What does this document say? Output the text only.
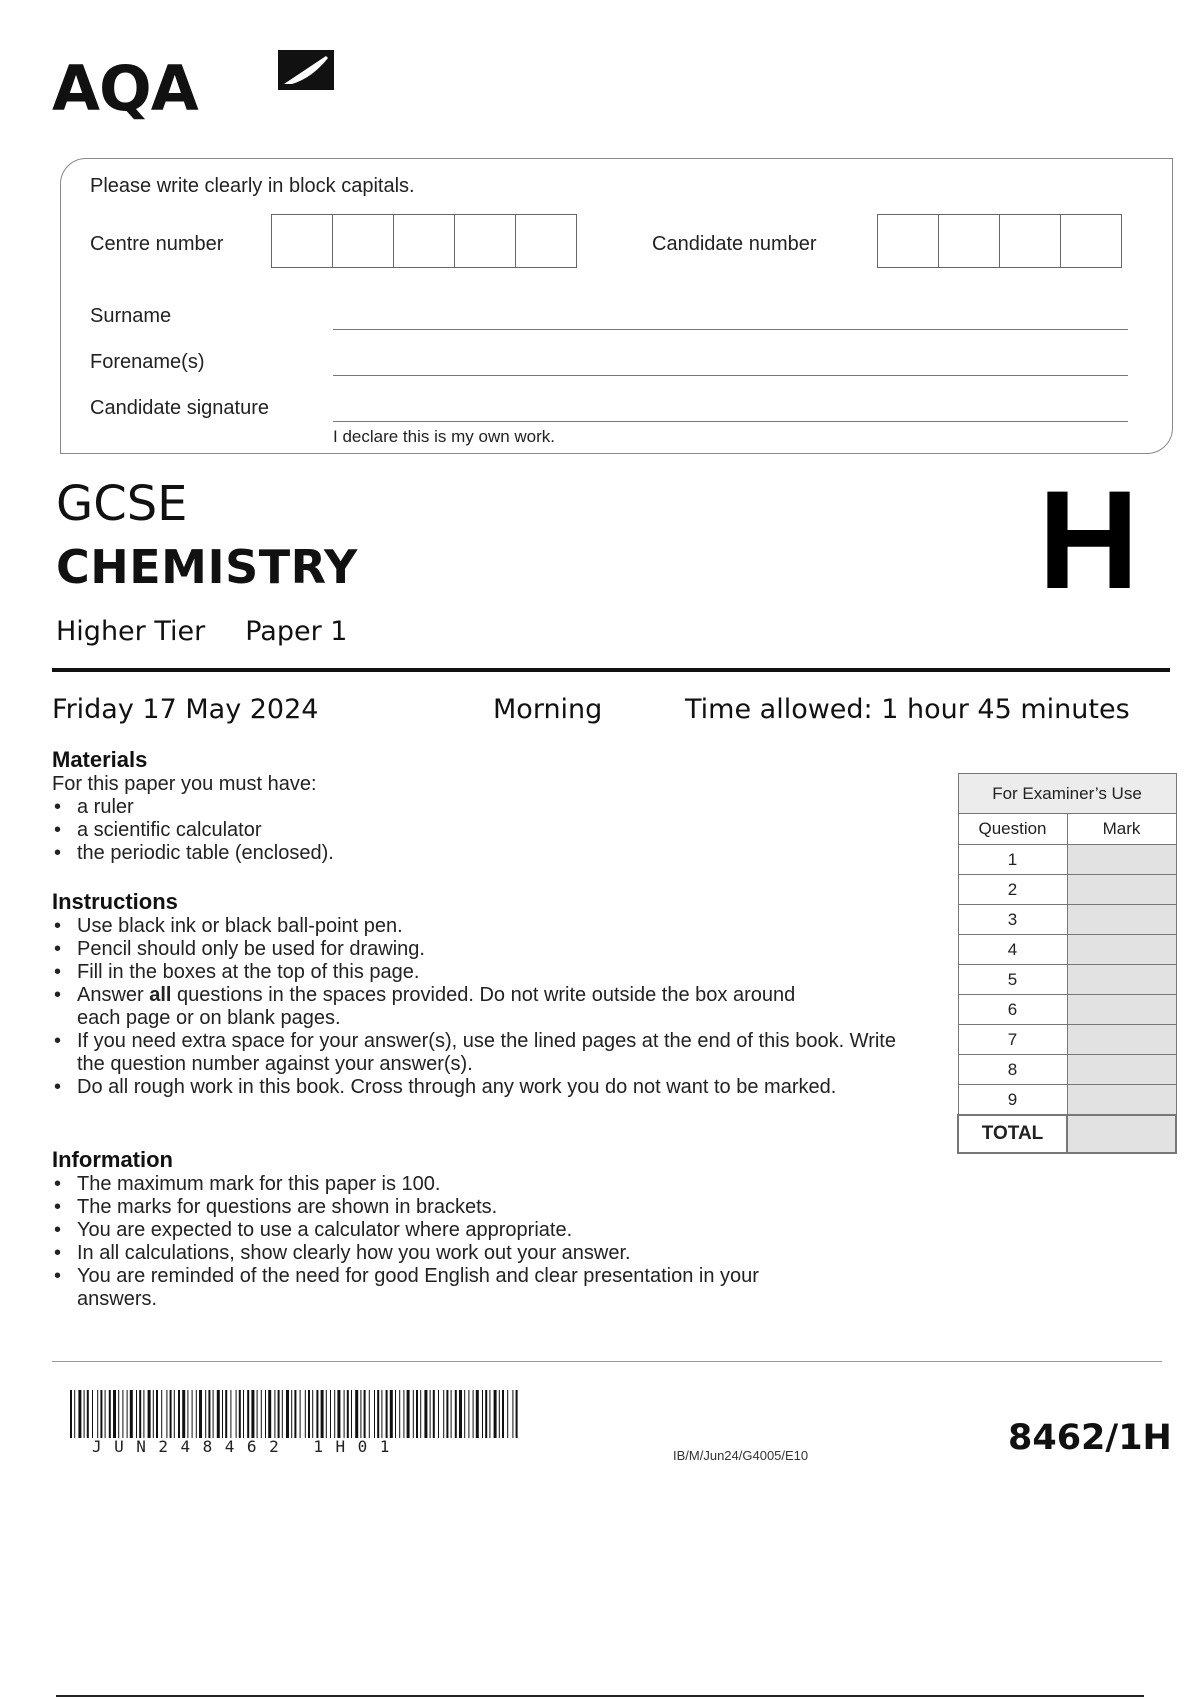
AQA
Please write clearly in block capitals.
Centre number	Candidate number
Surname
Forename(s)
Candidate signature
I declare this is my own work.
GCSE
CHEMISTRY
Higher Tier Paper 1
H
Friday 17 May 2024	Morning	Time allowed: 1 hour 45 minutes
Materials
For this paper you must have:
• a ruler
• a scientific calculator
• the periodic table (enclosed).
Instructions
• Use black ink or black ball-point pen.
• Pencil should only be used for drawing.
• Fill in the boxes at the top of this page.
• Answer all questions in the spaces provided. Do not write outside the box around each page or on blank pages.
• If you need extra space for your answer(s), use the lined pages at the end of this book. Write the question number against your answer(s).
• Do all rough work in this book. Cross through any work you do not want to be marked.
Information
• The maximum mark for this paper is 100.
• The marks for questions are shown in brackets.
• You are expected to use a calculator where appropriate.
• In all calculations, show clearly how you work out your answer.
• You are reminded of the need for good English and clear presentation in your answers.
For Examiner’s Use	
Question	Mark
1	
2	
3	
4	
5	
6	
7	
8	
9	
TOTAL	
JUN248462 1H01	IB/M/Jun24/G4005/E10	8462/1H
